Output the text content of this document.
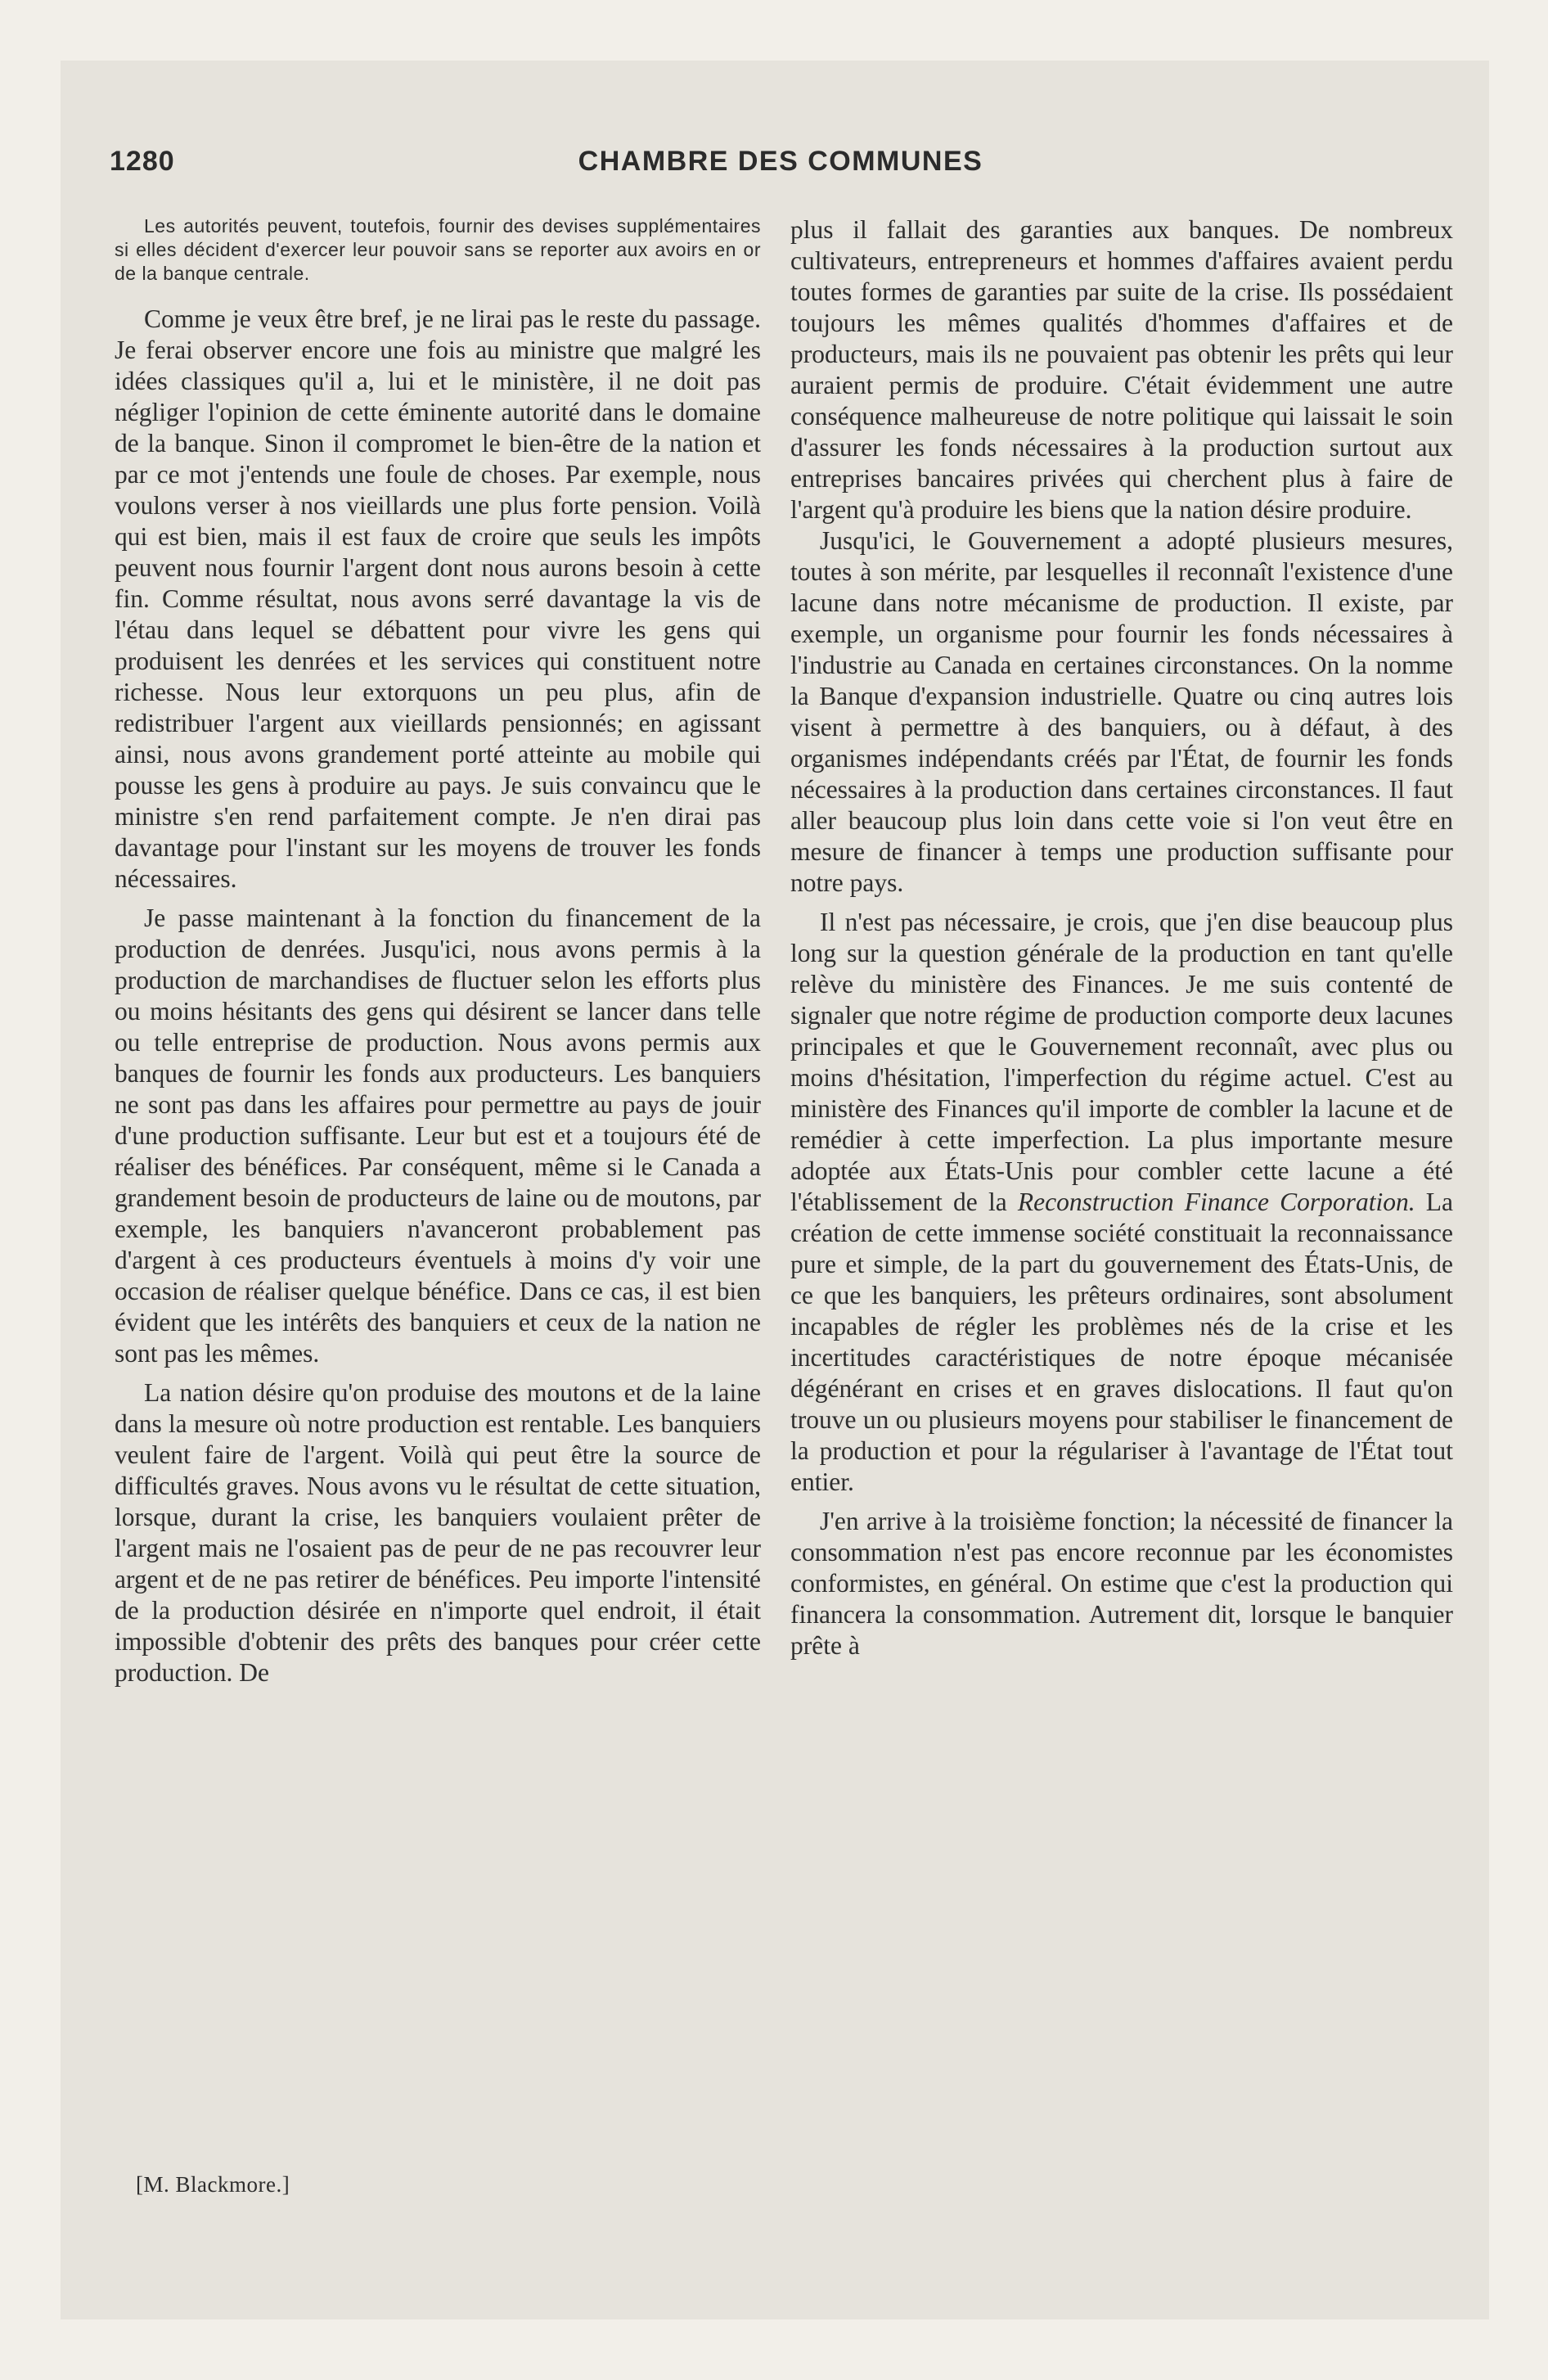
1280	CHAMBRE DES COMMUNES

Les autorités peuvent, toutefois, fournir des devises supplémentaires si elles décident d'exercer leur pouvoir sans se reporter aux avoirs en or de la banque centrale.

Comme je veux être bref, je ne lirai pas le reste du passage. Je ferai observer encore une fois au ministre que malgré les idées classiques qu'il a, lui et le ministère, il ne doit pas négliger l'opinion de cette éminente autorité dans le domaine de la banque. Sinon il compromet le bien-être de la nation et par ce mot j'entends une foule de choses. Par exemple, nous voulons verser à nos vieillards une plus forte pension. Voilà qui est bien, mais il est faux de croire que seuls les impôts peuvent nous fournir l'argent dont nous aurons besoin à cette fin. Comme résultat, nous avons serré davantage la vis de l'étau dans lequel se débattent pour vivre les gens qui produisent les denrées et les services qui constituent notre richesse. Nous leur extorquons un peu plus, afin de redistribuer l'argent aux vieillards pensionnés; en agissant ainsi, nous avons grandement porté atteinte au mobile qui pousse les gens à produire au pays. Je suis convaincu que le ministre s'en rend parfaitement compte. Je n'en dirai pas davantage pour l'instant sur les moyens de trouver les fonds nécessaires.

Je passe maintenant à la fonction du financement de la production de denrées. Jusqu'ici, nous avons permis à la production de marchandises de fluctuer selon les efforts plus ou moins hésitants des gens qui désirent se lancer dans telle ou telle entreprise de production. Nous avons permis aux banques de fournir les fonds aux producteurs. Les banquiers ne sont pas dans les affaires pour permettre au pays de jouir d'une production suffisante. Leur but est et a toujours été de réaliser des bénéfices. Par conséquent, même si le Canada a grandement besoin de producteurs de laine ou de moutons, par exemple, les banquiers n'avanceront probablement pas d'argent à ces producteurs éventuels à moins d'y voir une occasion de réaliser quelque bénéfice. Dans ce cas, il est bien évident que les intérêts des banquiers et ceux de la nation ne sont pas les mêmes.

La nation désire qu'on produise des moutons et de la laine dans la mesure où notre production est rentable. Les banquiers veulent faire de l'argent. Voilà qui peut être la source de difficultés graves. Nous avons vu le résultat de cette situation, lorsque, durant la crise, les banquiers voulaient prêter de l'argent mais ne l'osaient pas de peur de ne pas recouvrer leur argent et de ne pas retirer de bénéfices. Peu importe l'intensité de la production désirée en n'importe quel endroit, il était impossible d'obtenir des prêts des banques pour créer cette production. De

plus il fallait des garanties aux banques. De nombreux cultivateurs, entrepreneurs et hommes d'affaires avaient perdu toutes formes de garanties par suite de la crise. Ils possédaient toujours les mêmes qualités d'hommes d'affaires et de producteurs, mais ils ne pouvaient pas obtenir les prêts qui leur auraient permis de produire. C'était évidemment une autre conséquence malheureuse de notre politique qui laissait le soin d'assurer les fonds nécessaires à la production surtout aux entreprises bancaires privées qui cherchent plus à faire de l'argent qu'à produire les biens que la nation désire produire.

Jusqu'ici, le Gouvernement a adopté plusieurs mesures, toutes à son mérite, par lesquelles il reconnaît l'existence d'une lacune dans notre mécanisme de production. Il existe, par exemple, un organisme pour fournir les fonds nécessaires à l'industrie au Canada en certaines circonstances. On la nomme la Banque d'expansion industrielle. Quatre ou cinq autres lois visent à permettre à des banquiers, ou à défaut, à des organismes indépendants créés par l'État, de fournir les fonds nécessaires à la production dans certaines circonstances. Il faut aller beaucoup plus loin dans cette voie si l'on veut être en mesure de financer à temps une production suffisante pour notre pays.

Il n'est pas nécessaire, je crois, que j'en dise beaucoup plus long sur la question générale de la production en tant qu'elle relève du ministère des Finances. Je me suis contenté de signaler que notre régime de production comporte deux lacunes principales et que le Gouvernement reconnaît, avec plus ou moins d'hésitation, l'imperfection du régime actuel. C'est au ministère des Finances qu'il importe de combler la lacune et de remédier à cette imperfection. La plus importante mesure adoptée aux États-Unis pour combler cette lacune a été l'établissement de la Reconstruction Finance Corporation. La création de cette immense société constituait la reconnaissance pure et simple, de la part du gouvernement des États-Unis, de ce que les banquiers, les prêteurs ordinaires, sont absolument incapables de régler les problèmes nés de la crise et les incertitudes caractéristiques de notre époque mécanisée dégénérant en crises et en graves dislocations. Il faut qu'on trouve un ou plusieurs moyens pour stabiliser le financement de la production et pour la régulariser à l'avantage de l'État tout entier.

J'en arrive à la troisième fonction; la nécessité de financer la consommation n'est pas encore reconnue par les économistes conformistes, en général. On estime que c'est la production qui financera la consommation. Autrement dit, lorsque le banquier prête à

[M. Blackmore.]
